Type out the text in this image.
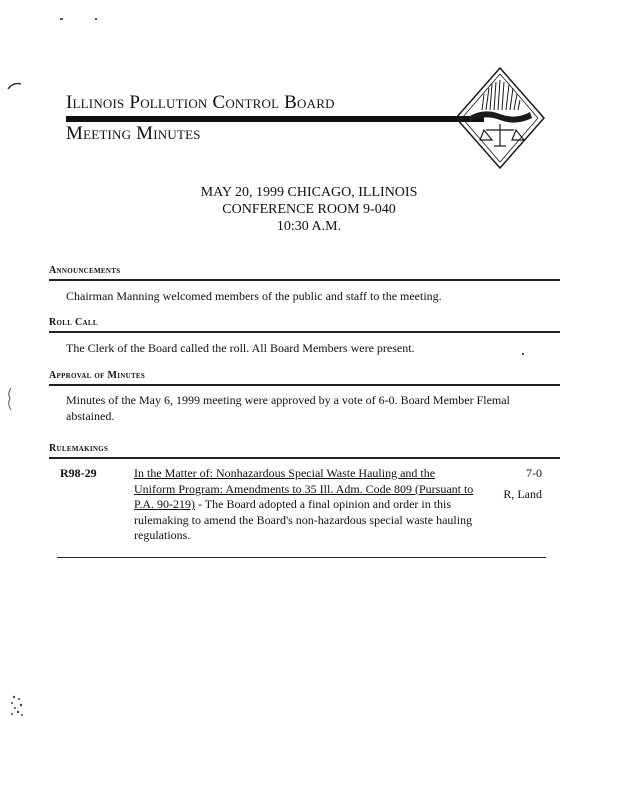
Illinois Pollution Control Board
Meeting Minutes
MAY 20, 1999 CHICAGO, ILLINOIS
CONFERENCE ROOM 9-040
10:30 A.M.
Announcements
Chairman Manning welcomed members of the public and staff to the meeting.
Roll Call
The Clerk of the Board called the roll. All Board Members were present.
Approval of Minutes
Minutes of the May 6, 1999 meeting were approved by a vote of 6-0. Board Member Flemal abstained.
Rulemakings
R98-29	In the Matter of: Nonhazardous Special Waste Hauling and the Uniform Program: Amendments to 35 Ill. Adm. Code 809 (Pursuant to P.A. 90-219) - The Board adopted a final opinion and order in this rulemaking to amend the Board's non-hazardous special waste hauling regulations.
7-0
R, Land
